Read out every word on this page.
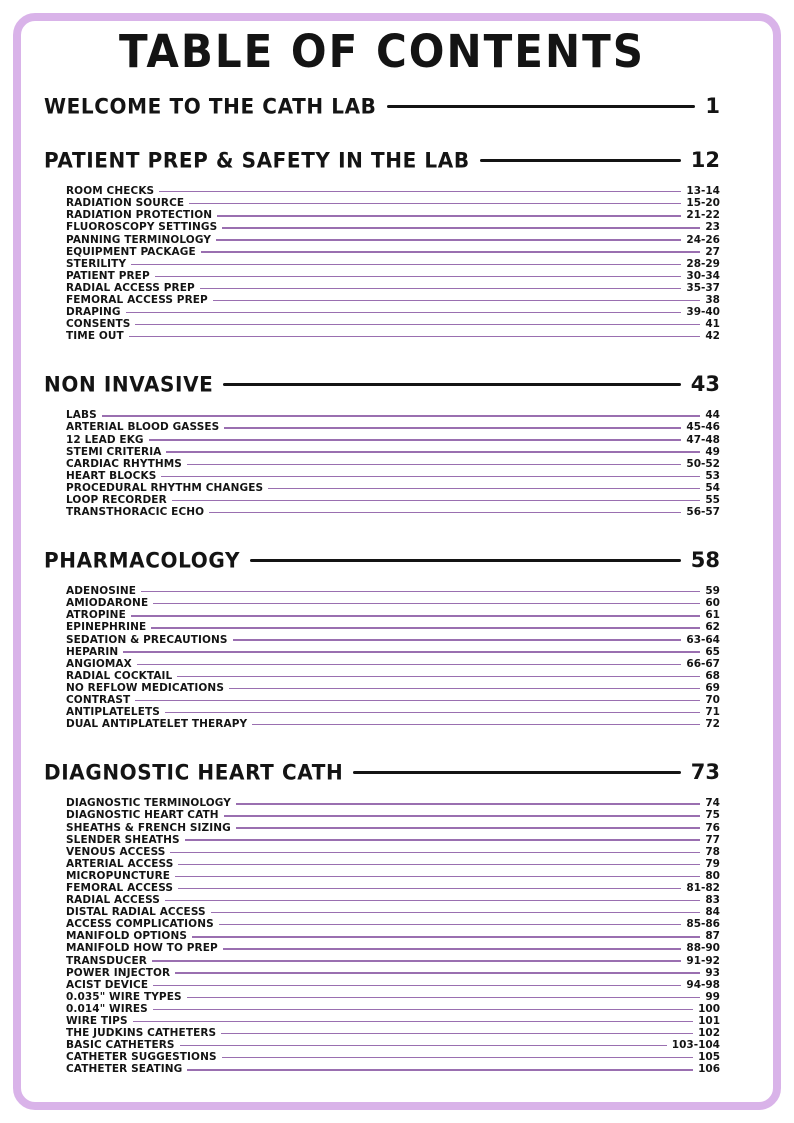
TABLE OF CONTENTS
WELCOME TO THE CATH LAB	1
PATIENT PREP & SAFETY IN THE LAB	12
ROOM CHECKS	13-14
RADIATION SOURCE	15-20
RADIATION PROTECTION	21-22
FLUOROSCOPY SETTINGS	23
PANNING TERMINOLOGY	24-26
EQUIPMENT PACKAGE	27
STERILITY	28-29
PATIENT PREP	30-34
RADIAL ACCESS PREP	35-37
FEMORAL ACCESS PREP	38
DRAPING	39-40
CONSENTS	41
TIME OUT	42
NON INVASIVE	43
LABS	44
ARTERIAL BLOOD GASSES	45-46
12 LEAD EKG	47-48
STEMI CRITERIA	49
CARDIAC RHYTHMS	50-52
HEART BLOCKS	53
PROCEDURAL RHYTHM CHANGES	54
LOOP RECORDER	55
TRANSTHORACIC ECHO	56-57
PHARMACOLOGY	58
ADENOSINE	59
AMIODARONE	60
ATROPINE	61
EPINEPHRINE	62
SEDATION & PRECAUTIONS	63-64
HEPARIN	65
ANGIOMAX	66-67
RADIAL COCKTAIL	68
NO REFLOW MEDICATIONS	69
CONTRAST	70
ANTIPLATELETS	71
DUAL ANTIPLATELET THERAPY	72
DIAGNOSTIC HEART CATH	73
DIAGNOSTIC TERMINOLOGY	74
DIAGNOSTIC HEART CATH	75
SHEATHS & FRENCH SIZING	76
SLENDER SHEATHS	77
VENOUS ACCESS	78
ARTERIAL ACCESS	79
MICROPUNCTURE	80
FEMORAL ACCESS	81-82
RADIAL ACCESS	83
DISTAL RADIAL ACCESS	84
ACCESS COMPLICATIONS	85-86
MANIFOLD OPTIONS	87
MANIFOLD HOW TO PREP	88-90
TRANSDUCER	91-92
POWER INJECTOR	93
ACIST DEVICE	94-98
0.035" WIRE TYPES	99
0.014" WIRES	100
WIRE TIPS	101
THE JUDKINS CATHETERS	102
BASIC CATHETERS	103-104
CATHETER SUGGESTIONS	105
CATHETER SEATING	106
